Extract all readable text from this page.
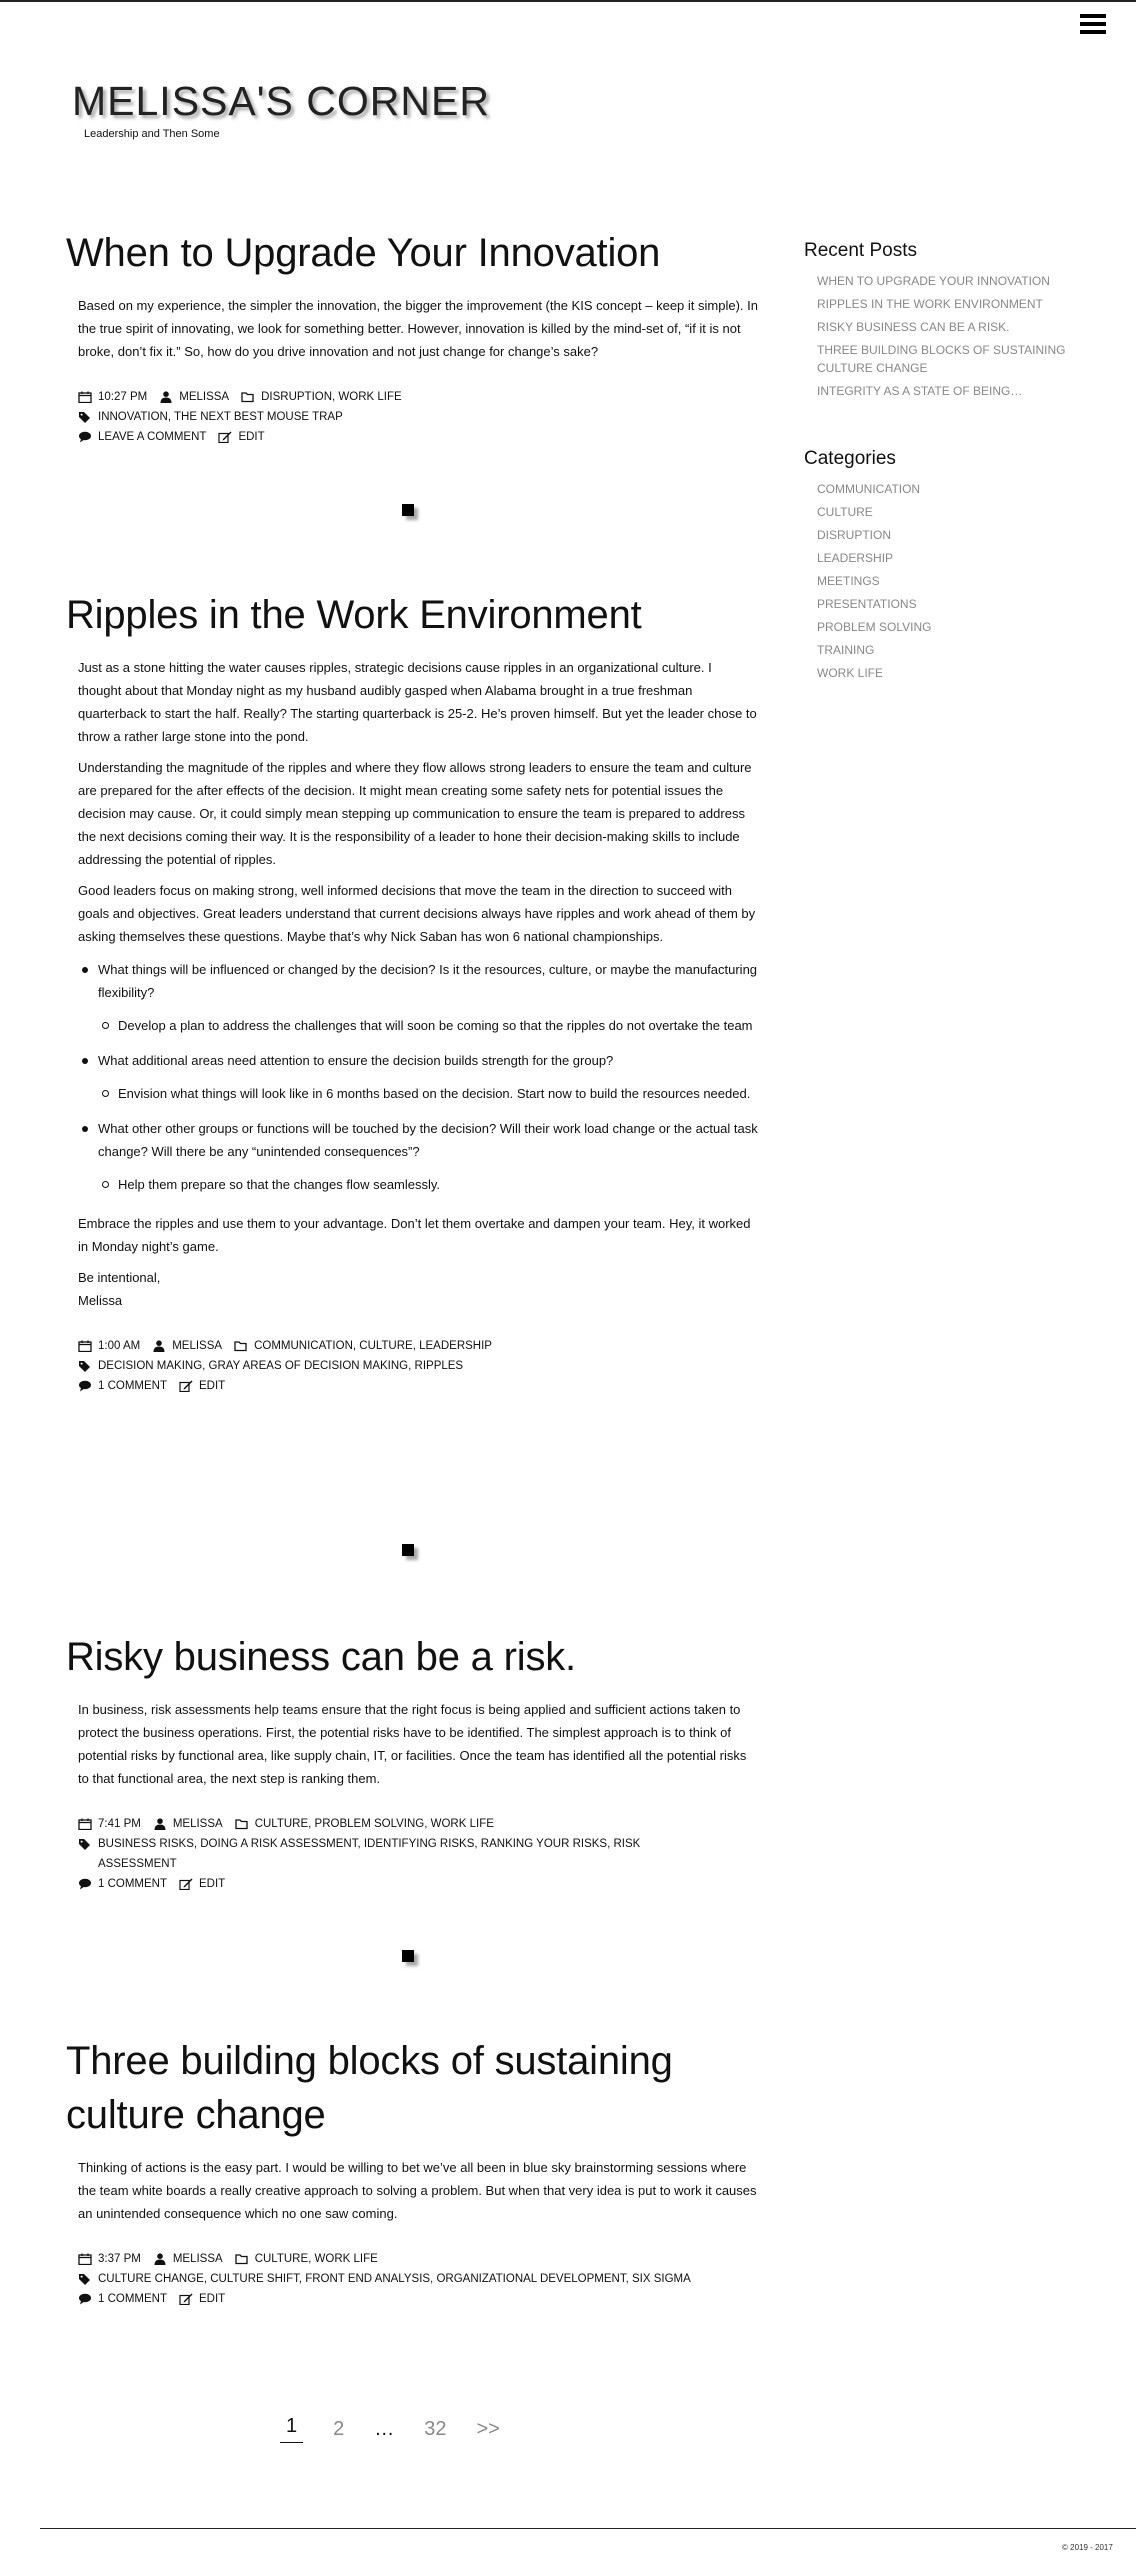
MELISSA'S CORNER
Leadership and Then Some
When to Upgrade Your Innovation

Based on my experience, the simpler the innovation, the bigger the improvement (the KIS concept – keep it simple). In the true spirit of innovating, we look for something better. However, innovation is killed by the mind-set of, “if it is not broke, don’t fix it.” So, how do you drive innovation and not just change for change’s sake?

10:27 PM	MELISSA	DISRUPTION, WORK LIFE
INNOVATION, THE NEXT BEST MOUSE TRAP
LEAVE A COMMENT	EDIT
Ripples in the Work Environment

Just as a stone hitting the water causes ripples, strategic decisions cause ripples in an organizational culture. I thought about that Monday night as my husband audibly gasped when Alabama brought in a true freshman quarterback to start the half. Really? The starting quarterback is 25-2. He’s proven himself. But yet the leader chose to throw a rather large stone into the pond.

Understanding the magnitude of the ripples and where they flow allows strong leaders to ensure the team and culture are prepared for the after effects of the decision. It might mean creating some safety nets for potential issues the decision may cause. Or, it could simply mean stepping up communication to ensure the team is prepared to address the next decisions coming their way. It is the responsibility of a leader to hone their decision-making skills to include addressing the potential of ripples.

Good leaders focus on making strong, well informed decisions that move the team in the direction to succeed with goals and objectives. Great leaders understand that current decisions always have ripples and work ahead of them by asking themselves these questions. Maybe that’s why Nick Saban has won 6 national championships.

What things will be influenced or changed by the decision? Is it the resources, culture, or maybe the manufacturing flexibility?
Develop a plan to address the challenges that will soon be coming so that the ripples do not overtake the team
What additional areas need attention to ensure the decision builds strength for the group?
Envision what things will look like in 6 months based on the decision. Start now to build the resources needed.
What other other groups or functions will be touched by the decision? Will their work load change or the actual task change? Will there be any “unintended consequences”?
Help them prepare so that the changes flow seamlessly.

Embrace the ripples and use them to your advantage. Don’t let them overtake and dampen your team. Hey, it worked in Monday night’s game.

Be intentional,
Melissa

1:00 AM	MELISSA	COMMUNICATION, CULTURE, LEADERSHIP
DECISION MAKING, GRAY AREAS OF DECISION MAKING, RIPPLES
1 COMMENT	EDIT
Risky business can be a risk.

In business, risk assessments help teams ensure that the right focus is being applied and sufficient actions taken to protect the business operations. First, the potential risks have to be identified. The simplest approach is to think of potential risks by functional area, like supply chain, IT, or facilities. Once the team has identified all the potential risks to that functional area, the next step is ranking them.

7:41 PM	MELISSA	CULTURE, PROBLEM SOLVING, WORK LIFE
BUSINESS RISKS, DOING A RISK ASSESSMENT, IDENTIFYING RISKS, RANKING YOUR RISKS, RISK ASSESSMENT
1 COMMENT	EDIT
Three building blocks of sustaining culture change

Thinking of actions is the easy part. I would be willing to bet we’ve all been in blue sky brainstorming sessions where the team white boards a really creative approach to solving a problem. But when that very idea is put to work it causes an unintended consequence which no one saw coming.

3:37 PM	MELISSA	CULTURE, WORK LIFE
CULTURE CHANGE, CULTURE SHIFT, FRONT END ANALYSIS, ORGANIZATIONAL DEVELOPMENT, SIX SIGMA
1 COMMENT	EDIT
Recent Posts
WHEN TO UPGRADE YOUR INNOVATION
RIPPLES IN THE WORK ENVIRONMENT
RISKY BUSINESS CAN BE A RISK.
THREE BUILDING BLOCKS OF SUSTAINING CULTURE CHANGE
INTEGRITY AS A STATE OF BEING…
Categories
COMMUNICATION
CULTURE
DISRUPTION
LEADERSHIP
MEETINGS
PRESENTATIONS
PROBLEM SOLVING
TRAINING
WORK LIFE
1	2 … 32 >>
© 2019 - 2017
